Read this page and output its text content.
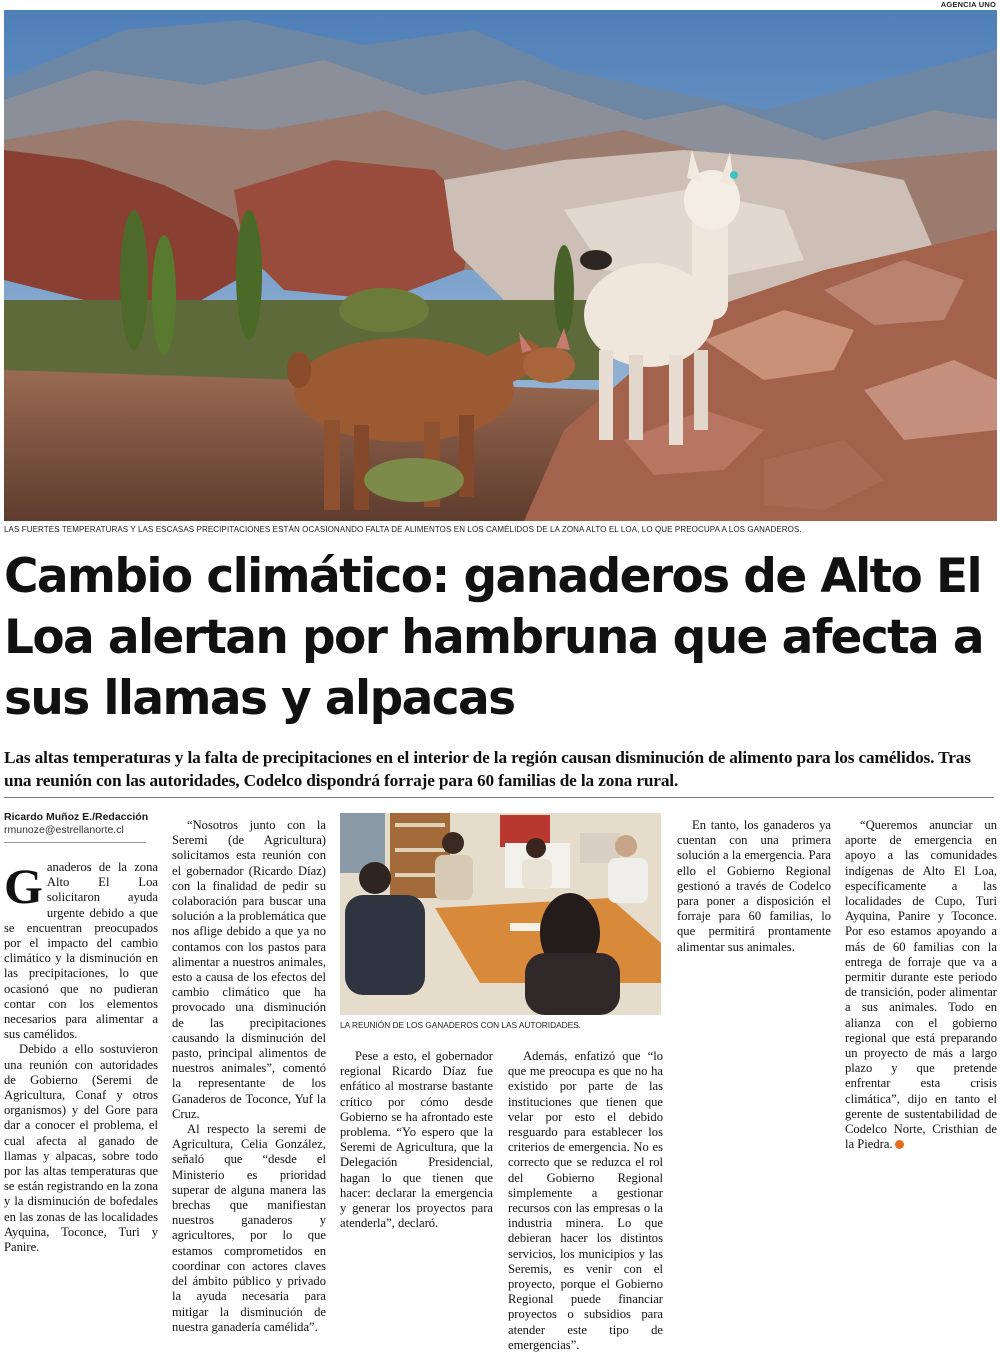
AGENCIA UNO
LAS FUERTES TEMPERATURAS Y LAS ESCASAS PRECIPITACIONES ESTÁN OCASIONANDO FALTA DE ALIMENTOS EN LOS CAMÉLIDOS DE LA ZONA ALTO EL LOA, LO QUE PREOCUPA A LOS GANADEROS.
Cambio climático: ganaderos de Alto El Loa alertan por hambruna que afecta a sus llamas y alpacas

Las altas temperaturas y la falta de precipitaciones en el interior de la región causan disminución de alimento para los camélidos. Tras una reunión con las autoridades, Codelco dispondrá forraje para 60 familias de la zona rural.

Ricardo Muñoz E./Redacción
rmunoze@estrellanorte.cl
LA REUNIÓN DE LOS GANADEROS CON LAS AUTORIDADES.

Ganaderos de la zona Alto El Loa solicitaron ayuda urgente debido a que se encuentran preocupados por el impacto del cambio climático y la disminución en las precipitaciones, lo que ocasionó que no pudieran contar con los elementos necesarios para alimentar a sus camélidos.

Debido a ello sostuvieron una reunión con autoridades de Gobierno (Seremi de Agricultura, Conaf y otros organismos) y del Gore para dar a conocer el problema, el cual afecta al ganado de llamas y alpacas, sobre todo por las altas temperaturas que se están registrando en la zona y la disminución de bofedales en las zonas de las localidades Ayquina, Toconce, Turi y Panire.

“Nosotros junto con la Seremi (de Agricultura) solicitamos esta reunión con el gobernador (Ricardo Díaz) con la finalidad de pedir su colaboración para buscar una solución a la problemática que nos aflige debido a que ya no contamos con los pastos para alimentar a nuestros animales, esto a causa de los efectos del cambio climático que ha provocado una disminución de las precipitaciones causando la disminución del pasto, principal alimentos de nuestros animales”, comentó la representante de los Ganaderos de Toconce, Yuf la Cruz.

Al respecto la seremi de Agricultura, Celia González, señaló que “desde el Ministerio es prioridad superar de alguna manera las brechas que manifiestan nuestros ganaderos y agricultores, por lo que estamos comprometidos en coordinar con actores claves del ámbito público y privado la ayuda necesaria para mitigar la disminución de nuestra ganadería camélida”.

Pese a esto, el gobernador regional Ricardo Díaz fue enfático al mostrarse bastante crítico por cómo desde Gobierno se ha afrontado este problema. “Yo espero que la Seremi de Agricultura, que la Delegación Presidencial, hagan lo que tienen que hacer: declarar la emergencia y generar los proyectos para atenderla”, declaró.

Además, enfatizó que “lo que me preocupa es que no ha existido por parte de las instituciones que tienen que velar por esto el debido resguardo para establecer los criterios de emergencia. No es correcto que se reduzca el rol del Gobierno Regional simplemente a gestionar recursos con las empresas o la industria minera. Lo que debieran hacer los distintos servicios, los municipios y las Seremis, es venir con el proyecto, porque el Gobierno Regional puede financiar proyectos o subsidios para atender este tipo de emergencias”.

En tanto, los ganaderos ya cuentan con una primera solución a la emergencia. Para ello el Gobierno Regional gestionó a través de Codelco para poner a disposición el forraje para 60 familias, lo que permitirá prontamente alimentar sus animales.

“Queremos anunciar un aporte de emergencia en apoyo a las comunidades indígenas de Alto El Loa, específicamente a las localidades de Cupo, Turi Ayquina, Panire y Toconce. Por eso estamos apoyando a más de 60 familias con la entrega de forraje que va a permitir durante este periodo de transición, poder alimentar a sus animales. Todo en alianza con el gobierno regional que está preparando un proyecto de más a largo plazo y que pretende enfrentar esta crisis climática”, dijo en tanto el gerente de sustentabilidad de Codelco Norte, Cristhian de la Piedra.
